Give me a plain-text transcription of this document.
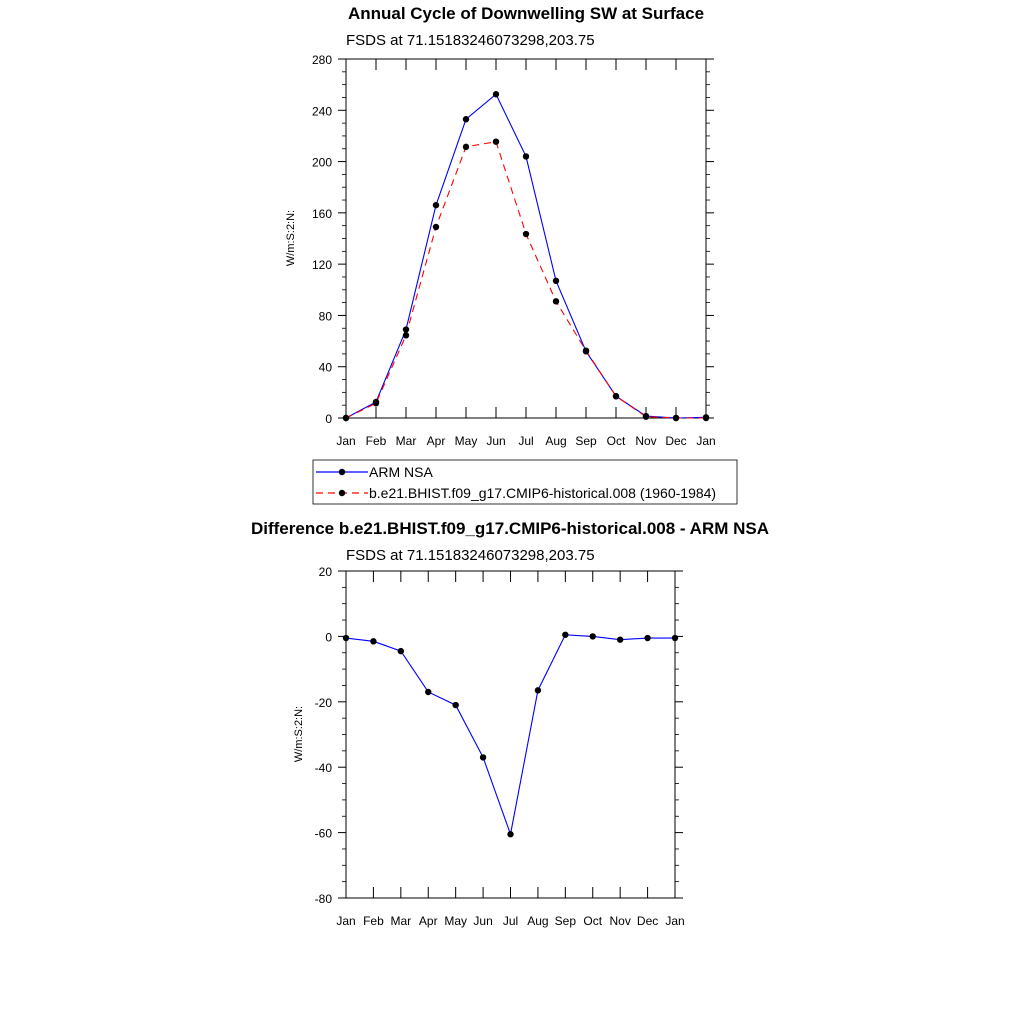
Annual Cycle of Downwelling SW at Surface
FSDS at 71.15183246073298,203.75
W/m:S:2:N:
Jan Feb Mar Apr May Jun Jul Aug Sep Oct Nov Dec Jan
0
40
80
120
160
200
240
280
ARM NSA
b.e21.BHIST.f09_g17.CMIP6-historical.008 (1960-1984)
Difference b.e21.BHIST.f09_g17.CMIP6-historical.008 - ARM NSA
FSDS at 71.15183246073298,203.75
W/m:S:2:N:
Jan Feb Mar Apr May Jun Jul Aug Sep Oct Nov Dec Jan
-80
-60
-40
-20
0
20
